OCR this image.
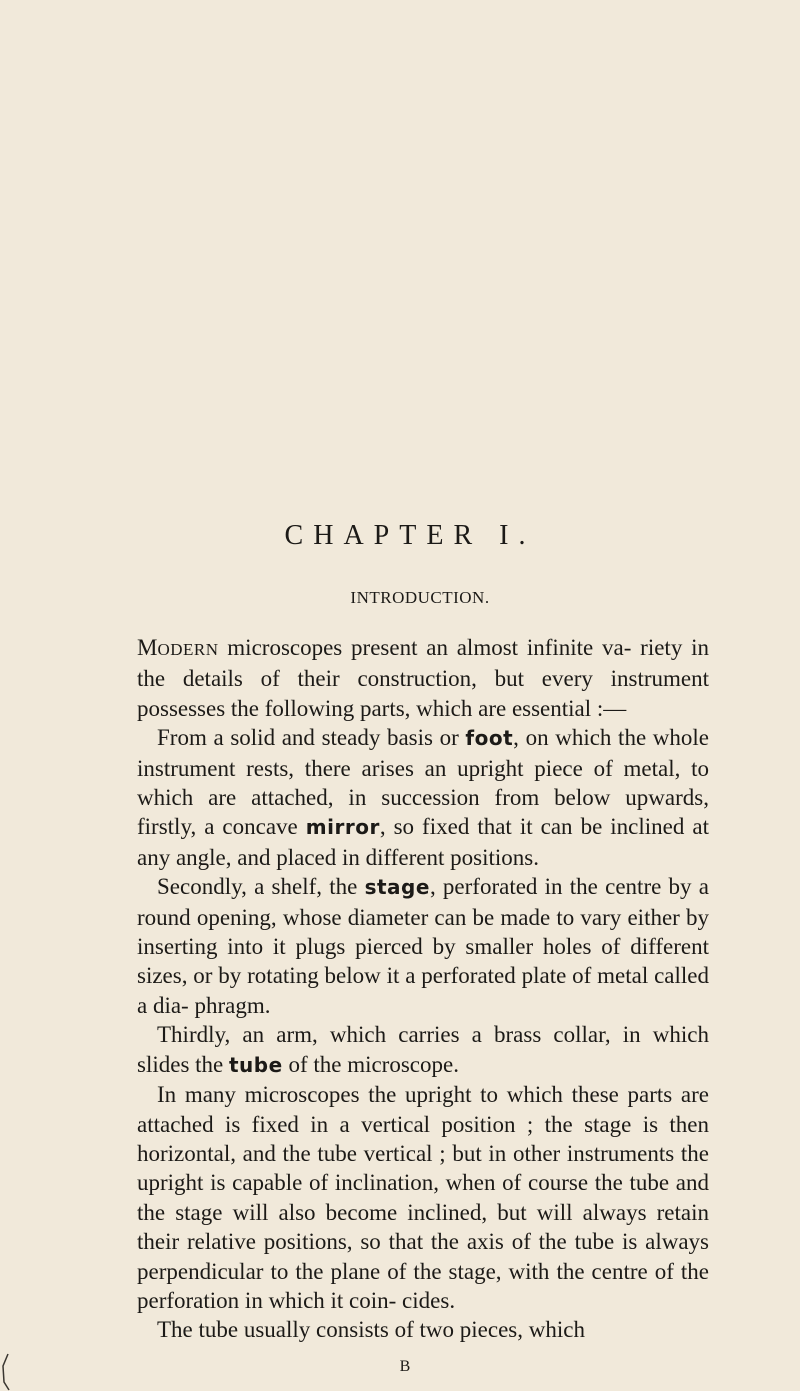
CHAPTER I.
INTRODUCTION.

MODERN microscopes present an almost infinite va- riety in the details of their construction, but every instrument possesses the following parts, which are essential :—

From a solid and steady basis or foot, on which the whole instrument rests, there arises an upright piece of metal, to which are attached, in succession from below upwards, firstly, a concave mirror, so fixed that it can be inclined at any angle, and placed in different positions.

Secondly, a shelf, the stage, perforated in the centre by a round opening, whose diameter can be made to vary either by inserting into it plugs pierced by smaller holes of different sizes, or by rotating below it a perforated plate of metal called a dia- phragm.

Thirdly, an arm, which carries a brass collar, in which slides the tube of the microscope.

In many microscopes the upright to which these parts are attached is fixed in a vertical position ; the stage is then horizontal, and the tube vertical ; but in other instruments the upright is capable of inclination, when of course the tube and the stage will also become inclined, but will always retain their relative positions, so that the axis of the tube is always perpendicular to the plane of the stage, with the centre of the perforation in which it coin- cides.

The tube usually consists of two pieces, which

B
